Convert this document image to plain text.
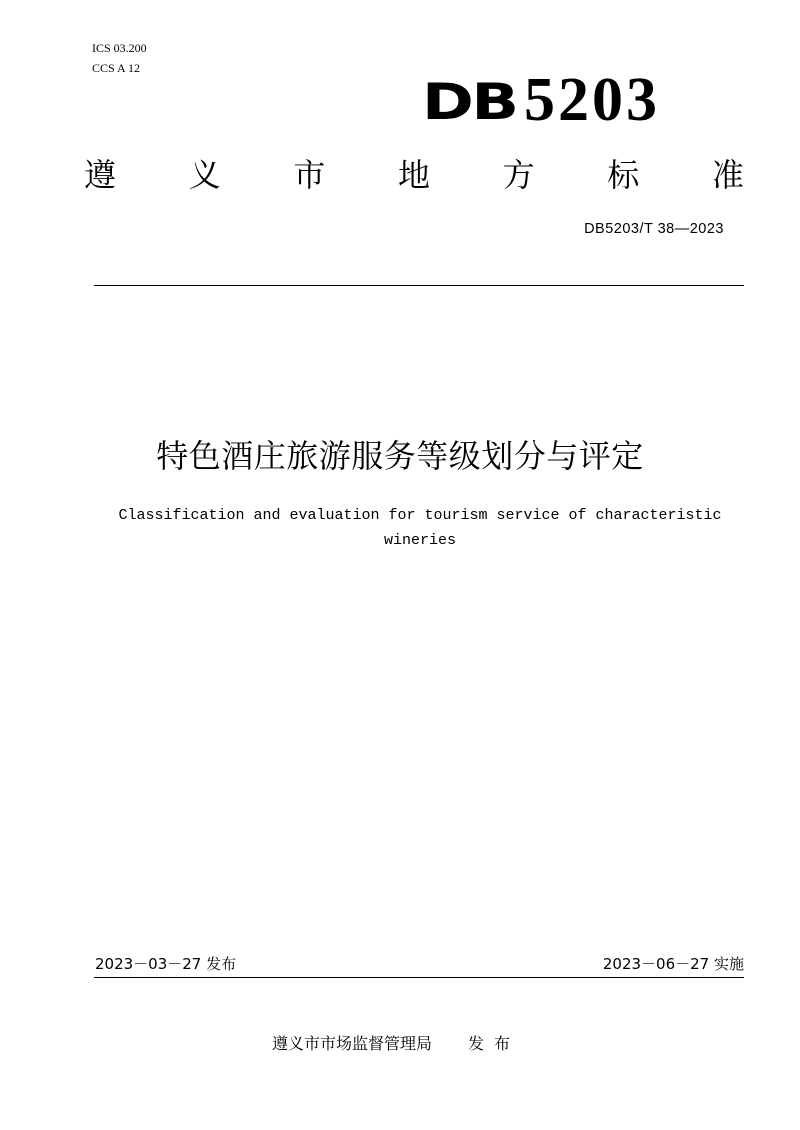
ICS 03.200
CCS A 12
DB 5203
遵 义 市 地 方 标 准
DB5203/T 38—2023
特色酒庄旅游服务等级划分与评定
Classification and evaluation for tourism service of characteristic wineries
2023－03－27 发布	2023－06－27 实施
遵义市市场监督管理局 发布
